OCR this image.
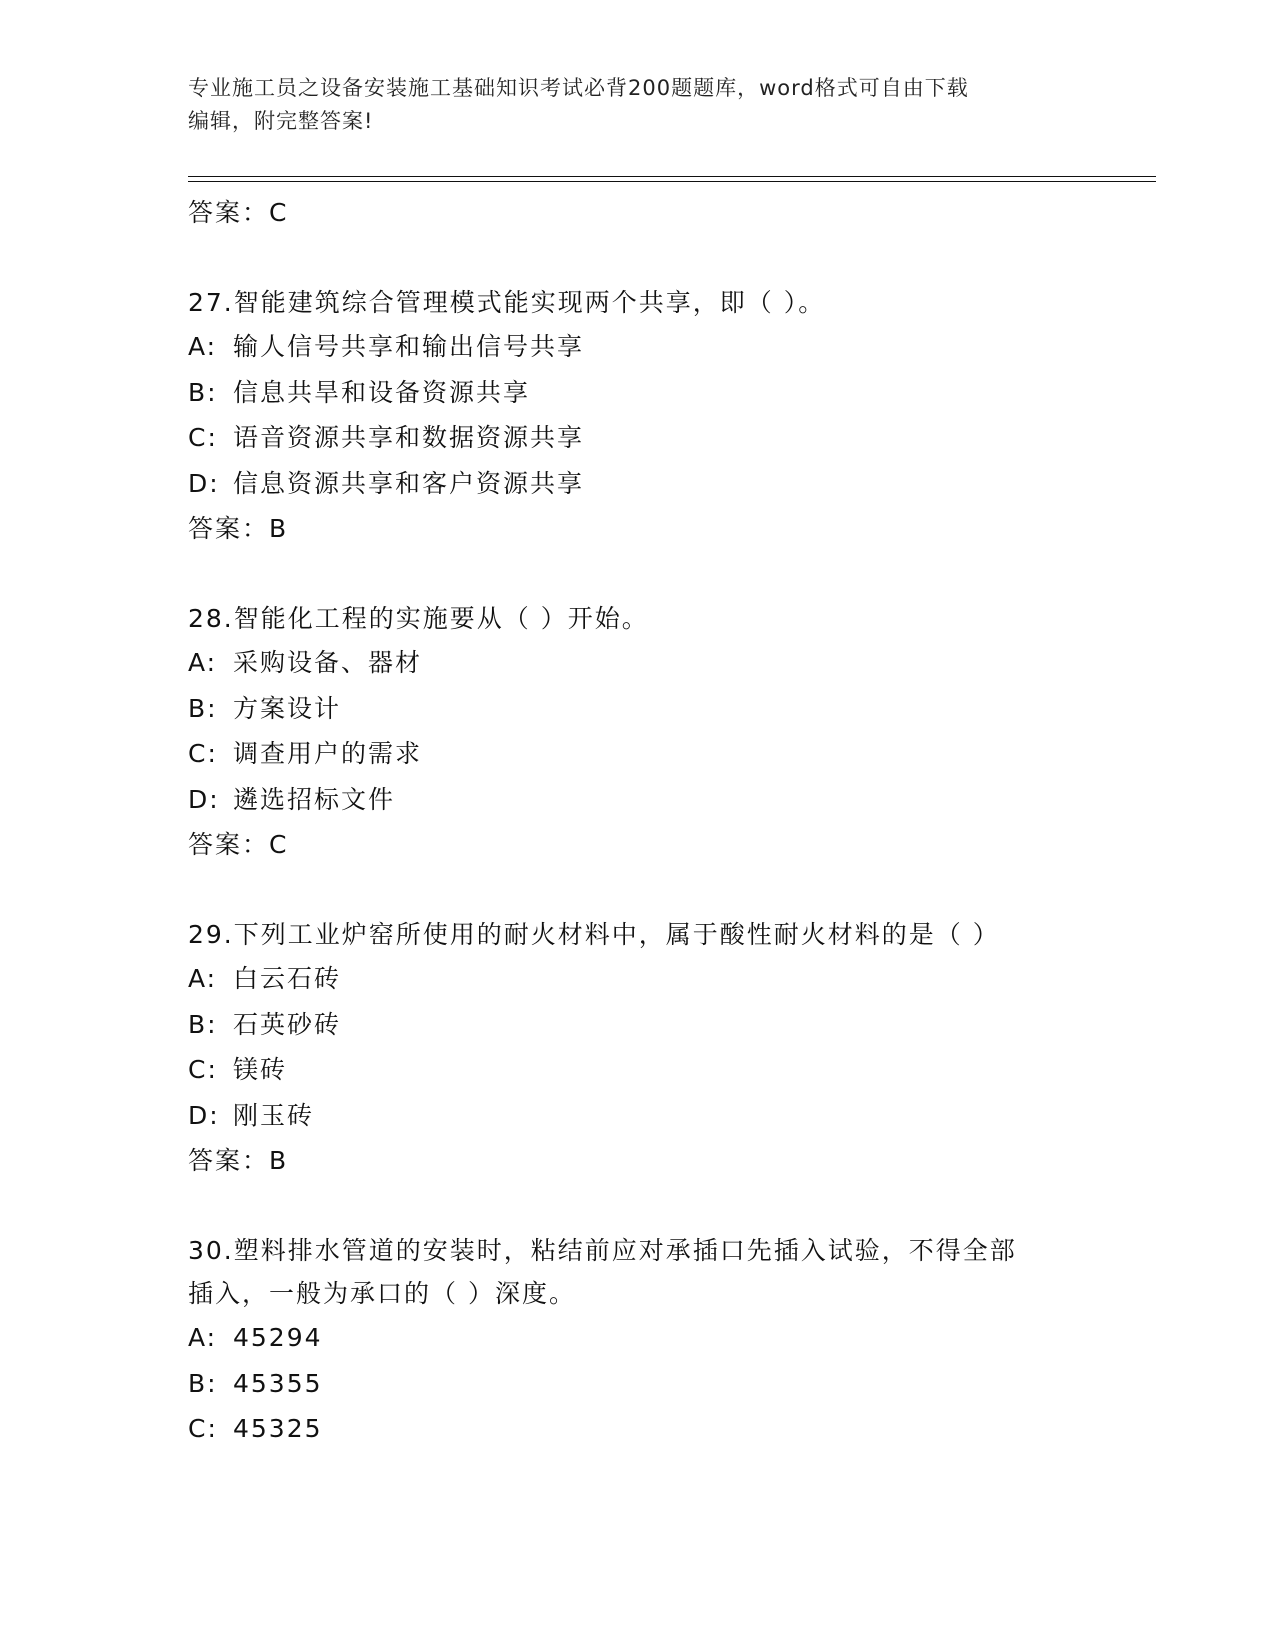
专业施工员之设备安装施工基础知识考试必背200题题库，word格式可自由下载
编辑，附完整答案!
答案：C
27.智能建筑综合管理模式能实现两个共享，即（ ）。
A: 输人信号共享和输出信号共享
B: 信息共旱和设备资源共享
C: 语音资源共享和数据资源共享
D: 信息资源共享和客户资源共享
答案：B
28.智能化工程的实施要从（ ）开始。
A: 采购设备、器材
B: 方案设计
C: 调查用户的需求
D: 遴选招标文件
答案：C
29.下列工业炉窑所使用的耐火材料中，属于酸性耐火材料的是（ ）
A: 白云石砖
B: 石英砂砖
C: 镁砖
D: 刚玉砖
答案：B
30.塑料排水管道的安装时，粘结前应对承插口先插入试验，不得全部
插入，一般为承口的（ ）深度。
A: 45294
B: 45355
C: 45325
